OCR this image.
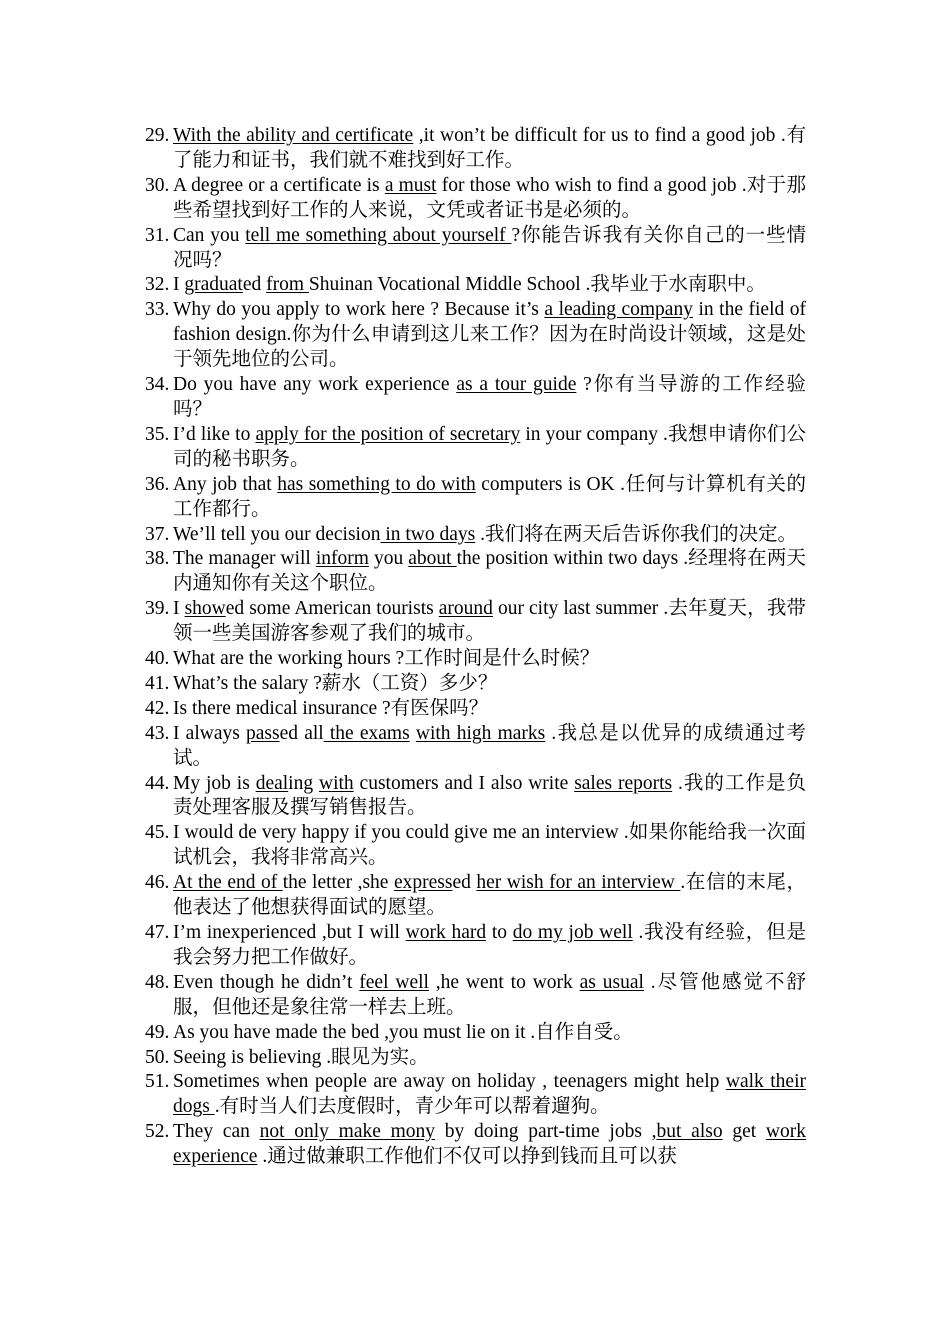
29. With the ability and certificate ,it won’t be difficult for us to find a good job .有了能力和证书，我们就不难找到好工作。
30. A degree or a certificate is a must for those who wish to find a good job .对于那些希望找到好工作的人来说，文凭或者证书是必须的。
31. Can you tell me something about yourself ?你能告诉我有关你自己的一些情况吗？
32. I graduated from Shuinan Vocational Middle School .我毕业于水南职中。
33. Why do you apply to work here ? Because it’s a leading company in the field of fashion design.你为什么申请到这儿来工作？因为在时尚设计领域，这是处于领先地位的公司。
34. Do you have any work experience as a tour guide ?你有当导游的工作经验吗？
35. I’d like to apply for the position of secretary in your company .我想申请你们公司的秘书职务。
36. Any job that has something to do with computers is OK .任何与计算机有关的工作都行。
37. We’ll tell you our decision in two days .我们将在两天后告诉你我们的决定。
38. The manager will inform you about the position within two days .经理将在两天内通知你有关这个职位。
39. I showed some American tourists around our city last summer .去年夏天，我带领一些美国游客参观了我们的城市。
40. What are the working hours ?工作时间是什么时候？
41. What’s the salary ?薪水（工资）多少？
42. Is there medical insurance ?有医保吗？
43. I always passed all the exams with high marks .我总是以优异的成绩通过考试。
44. My job is dealing with customers and I also write sales reports .我的工作是负责处理客服及撰写销售报告。
45. I would de very happy if you could give me an interview .如果你能给我一次面试机会，我将非常高兴。
46. At the end of the letter ,she expressed her wish for an interview .在信的末尾，他表达了他想获得面试的愿望。
47. I’m inexperienced ,but I will work hard to do my job well .我没有经验，但是我会努力把工作做好。
48. Even though he didn’t feel well ,he went to work as usual .尽管他感觉不舒服，但他还是象往常一样去上班。
49. As you have made the bed ,you must lie on it .自作自受。
50. Seeing is believing .眼见为实。
51. Sometimes when people are away on holiday , teenagers might help walk their dogs .有时当人们去度假时，青少年可以帮着遛狗。
52. They can not only make mony by doing part-time jobs ,but also get work experience .通过做兼职工作他们不仅可以挣到钱而且可以获
